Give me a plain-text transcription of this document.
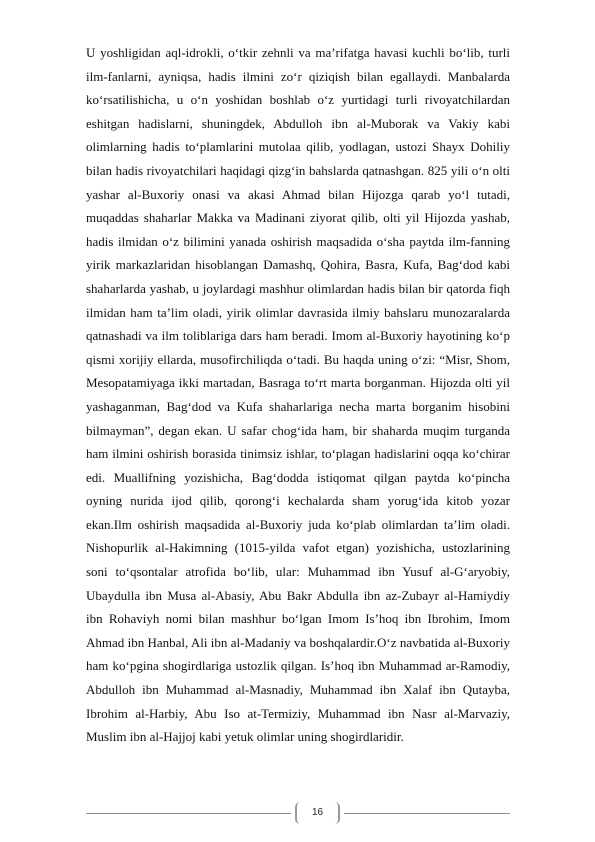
U yoshligidan aql-idrokli, oʻtkir zehnli va maʼrifatga havasi kuchli boʻlib, turli ilm-fanlarni, ayniqsa, hadis ilmini zoʻr qiziqish bilan egallaydi. Manbalarda koʻrsatilishicha, u oʻn yoshidan boshlab oʻz yurtidagi turli rivoyatchilardan eshitgan hadislarni, shuningdek, Abdulloh ibn al-Muborak va Vakiy kabi olimlarning hadis toʻplamlarini mutolaa qilib, yodlagan, ustozi Shayx Dohiliy bilan hadis rivoyatchilari haqidagi qizgʻin bahslarda qatnashgan. 825 yili oʻn olti yashar al-Buxoriy onasi va akasi Ahmad bilan Hijozga qarab yoʻl tutadi, muqaddas shaharlar Makka va Madinani ziyorat qilib, olti yil Hijozda yashab, hadis ilmidan oʻz bilimini yanada oshirish maqsadida oʻsha paytda ilm-fanning yirik markazlaridan hisoblangan Damashq, Qohira, Basra, Kufa, Bagʻdod kabi shaharlarda yashab, u joylardagi mashhur olimlardan hadis bilan bir qatorda fiqh ilmidan ham taʼlim oladi, yirik olimlar davrasida ilmiy bahslaru munozaralarda qatnashadi va ilm toliblariga dars ham beradi. Imom al-Buxoriy hayotining koʻp qismi xorijiy ellarda, musofirchiliqda oʻtadi. Bu haqda uning oʻzi: “Misr, Shom, Mesopatamiyaga ikki martadan, Basraga toʻrt marta borganman. Hijozda olti yil yashaganman, Bagʻdod va Kufa shaharlariga necha marta borganim hisobini bilmayman”, degan ekan. U safar chogʻida ham, bir shaharda muqim turganda ham ilmini oshirish borasida tinimsiz ishlar, toʻplagan hadislarini oqqa koʻchirar edi. Muallifning yozishicha, Bagʻdodda istiqomat qilgan paytda koʻpincha oyning nurida ijod qilib, qorongʻi kechalarda sham yorugʻida kitob yozar ekan.Ilm oshirish maqsadida al-Buxoriy juda koʻplab olimlardan taʼlim oladi. Nishopurlik al-Hakimning (1015-yilda vafot etgan) yozishicha, ustozlarining soni toʻqsontalar atrofida boʻlib, ular: Muhammad ibn Yusuf al-Gʻaryobiy, Ubaydulla ibn Musa al-Abasiy, Abu Bakr Abdulla ibn az-Zubayr al-Hamiydiy ibn Rohaviyh nomi bilan mashhur boʻlgan Imom Isʼhoq ibn Ibrohim, Imom Ahmad ibn Hanbal, Ali ibn al-Madaniy va boshqalardir.Oʻz navbatida al-Buxoriy ham koʻpgina shogirdlariga ustozlik qilgan. Isʼhoq ibn Muhammad ar-Ramodiy, Abdulloh ibn Muhammad al-Masnadiy, Muhammad ibn Xalaf ibn Qutayba, Ibrohim al-Harbiy, Abu Iso at-Termiziy, Muhammad ibn Nasr al-Marvaziy, Muslim ibn al-Hajjoj kabi yetuk olimlar uning shogirdlaridir.

16
